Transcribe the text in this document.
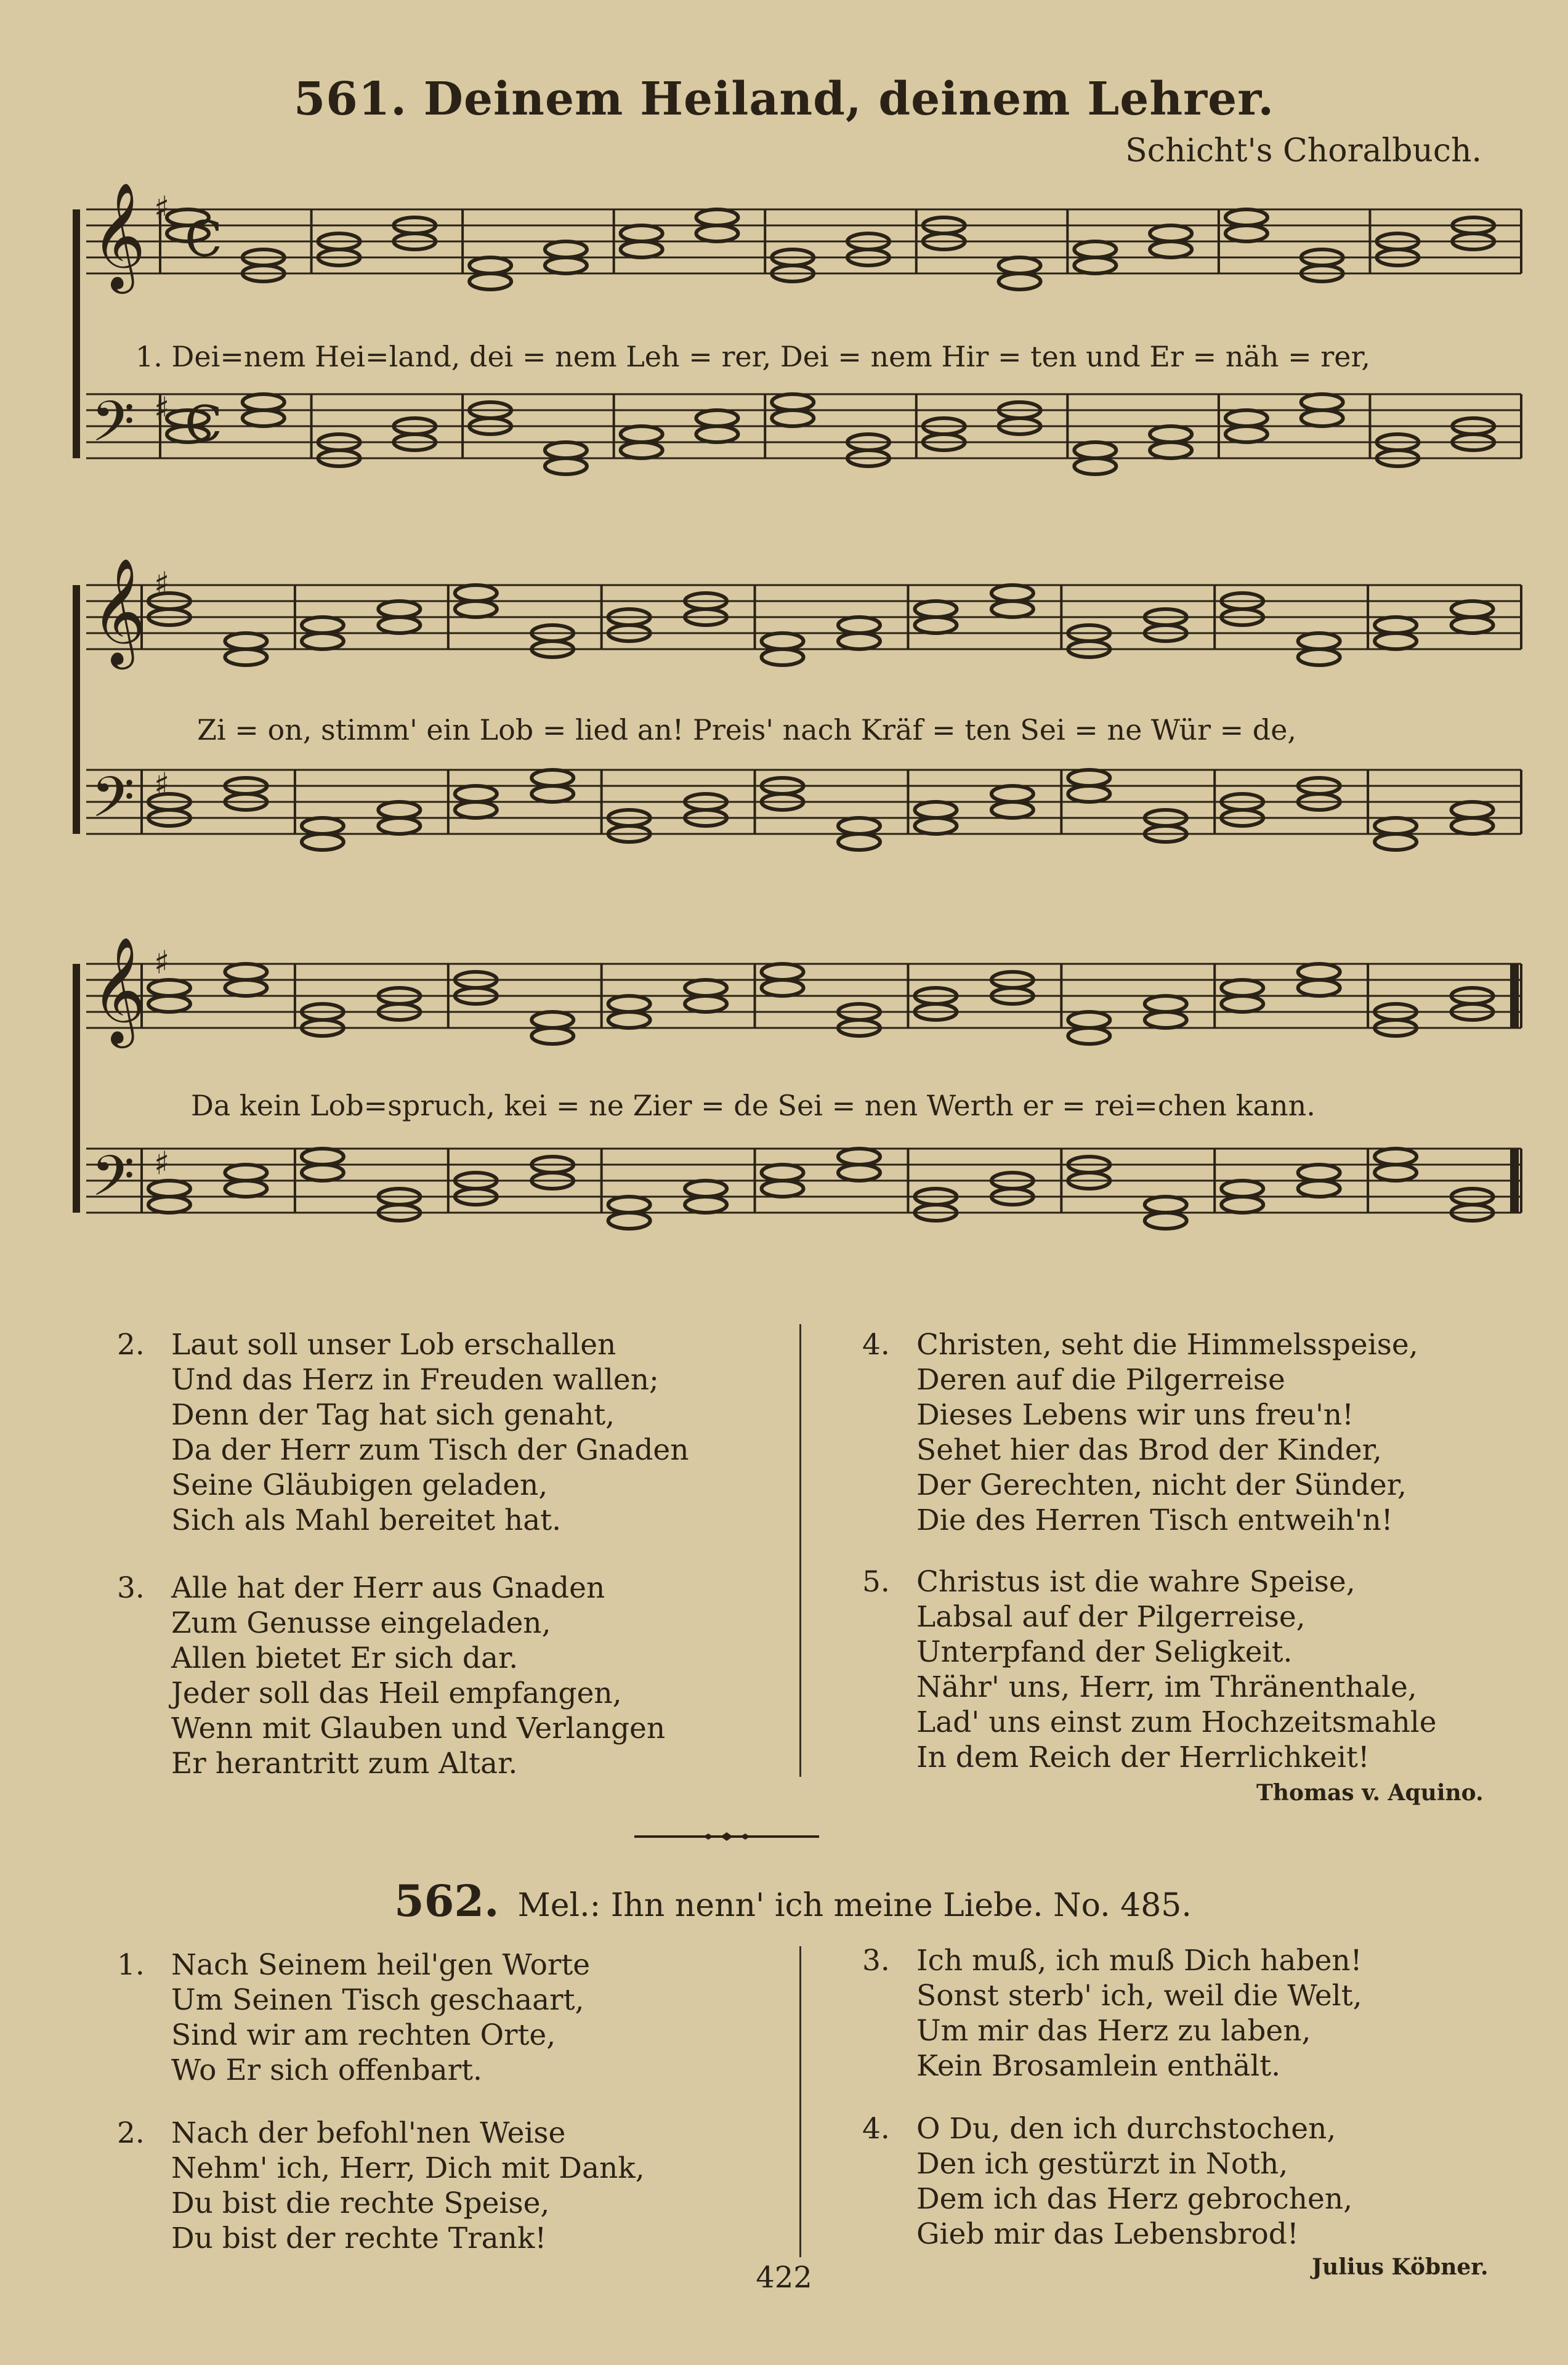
561. Deinem Heiland, deinem Lehrer.
Schicht's Choralbuch.
𝄞 ♯
C
𝄢 ♯ C
𝄞 ♯
𝄢 ♯
𝄞 ♯
𝄢 ♯
1. Dei=nem Hei=land, dei = nem Leh = rer, Dei = nem Hir = ten und Er = näh = rer,
Zi = on, stimm' ein Lob = lied an! Preis' nach Kräf = ten Sei = ne Wür = de,
Da kein Lob=spruch, kei = ne Zier = de Sei = nen Werth er = rei=chen kann.
2. Laut soll unser Lob erschallen
Und das Herz in Freuden wallen;
Denn der Tag hat sich genaht,
Da der Herr zum Tisch der Gnaden
Seine Gläubigen geladen,
Sich als Mahl bereitet hat.
3. Alle hat der Herr aus Gnaden
Zum Genusse eingeladen,
Allen bietet Er sich dar.
Jeder soll das Heil empfangen,
Wenn mit Glauben und Verlangen
Er herantritt zum Altar.
4. Christen, seht die Himmelsspeise,
Deren auf die Pilgerreise
Dieses Lebens wir uns freu'n!
Sehet hier das Brod der Kinder,
Der Gerechten, nicht der Sünder,
Die des Herren Tisch entweih'n!
5. Christus ist die wahre Speise,
Labsal auf der Pilgerreise,
Unterpfand der Seligkeit.
Nähr' uns, Herr, im Thränenthale,
Lad' uns einst zum Hochzeitsmahle
In dem Reich der Herrlichkeit!
Thomas v. Aquino.
562. Mel.: Ihn nenn' ich meine Liebe. No. 485.
1. Nach Seinem heil'gen Worte
Um Seinen Tisch geschaart,
Sind wir am rechten Orte,
Wo Er sich offenbart.
2. Nach der befohl'nen Weise
Nehm' ich, Herr, Dich mit Dank,
Du bist die rechte Speise,
Du bist der rechte Trank!
3. Ich muß, ich muß Dich haben!
Sonst sterb' ich, weil die Welt,
Um mir das Herz zu laben,
Kein Brosamlein enthält.
4. O Du, den ich durchstochen,
Den ich gestürzt in Noth,
Dem ich das Herz gebrochen,
Gieb mir das Lebensbrod!
Julius Köbner.
422
